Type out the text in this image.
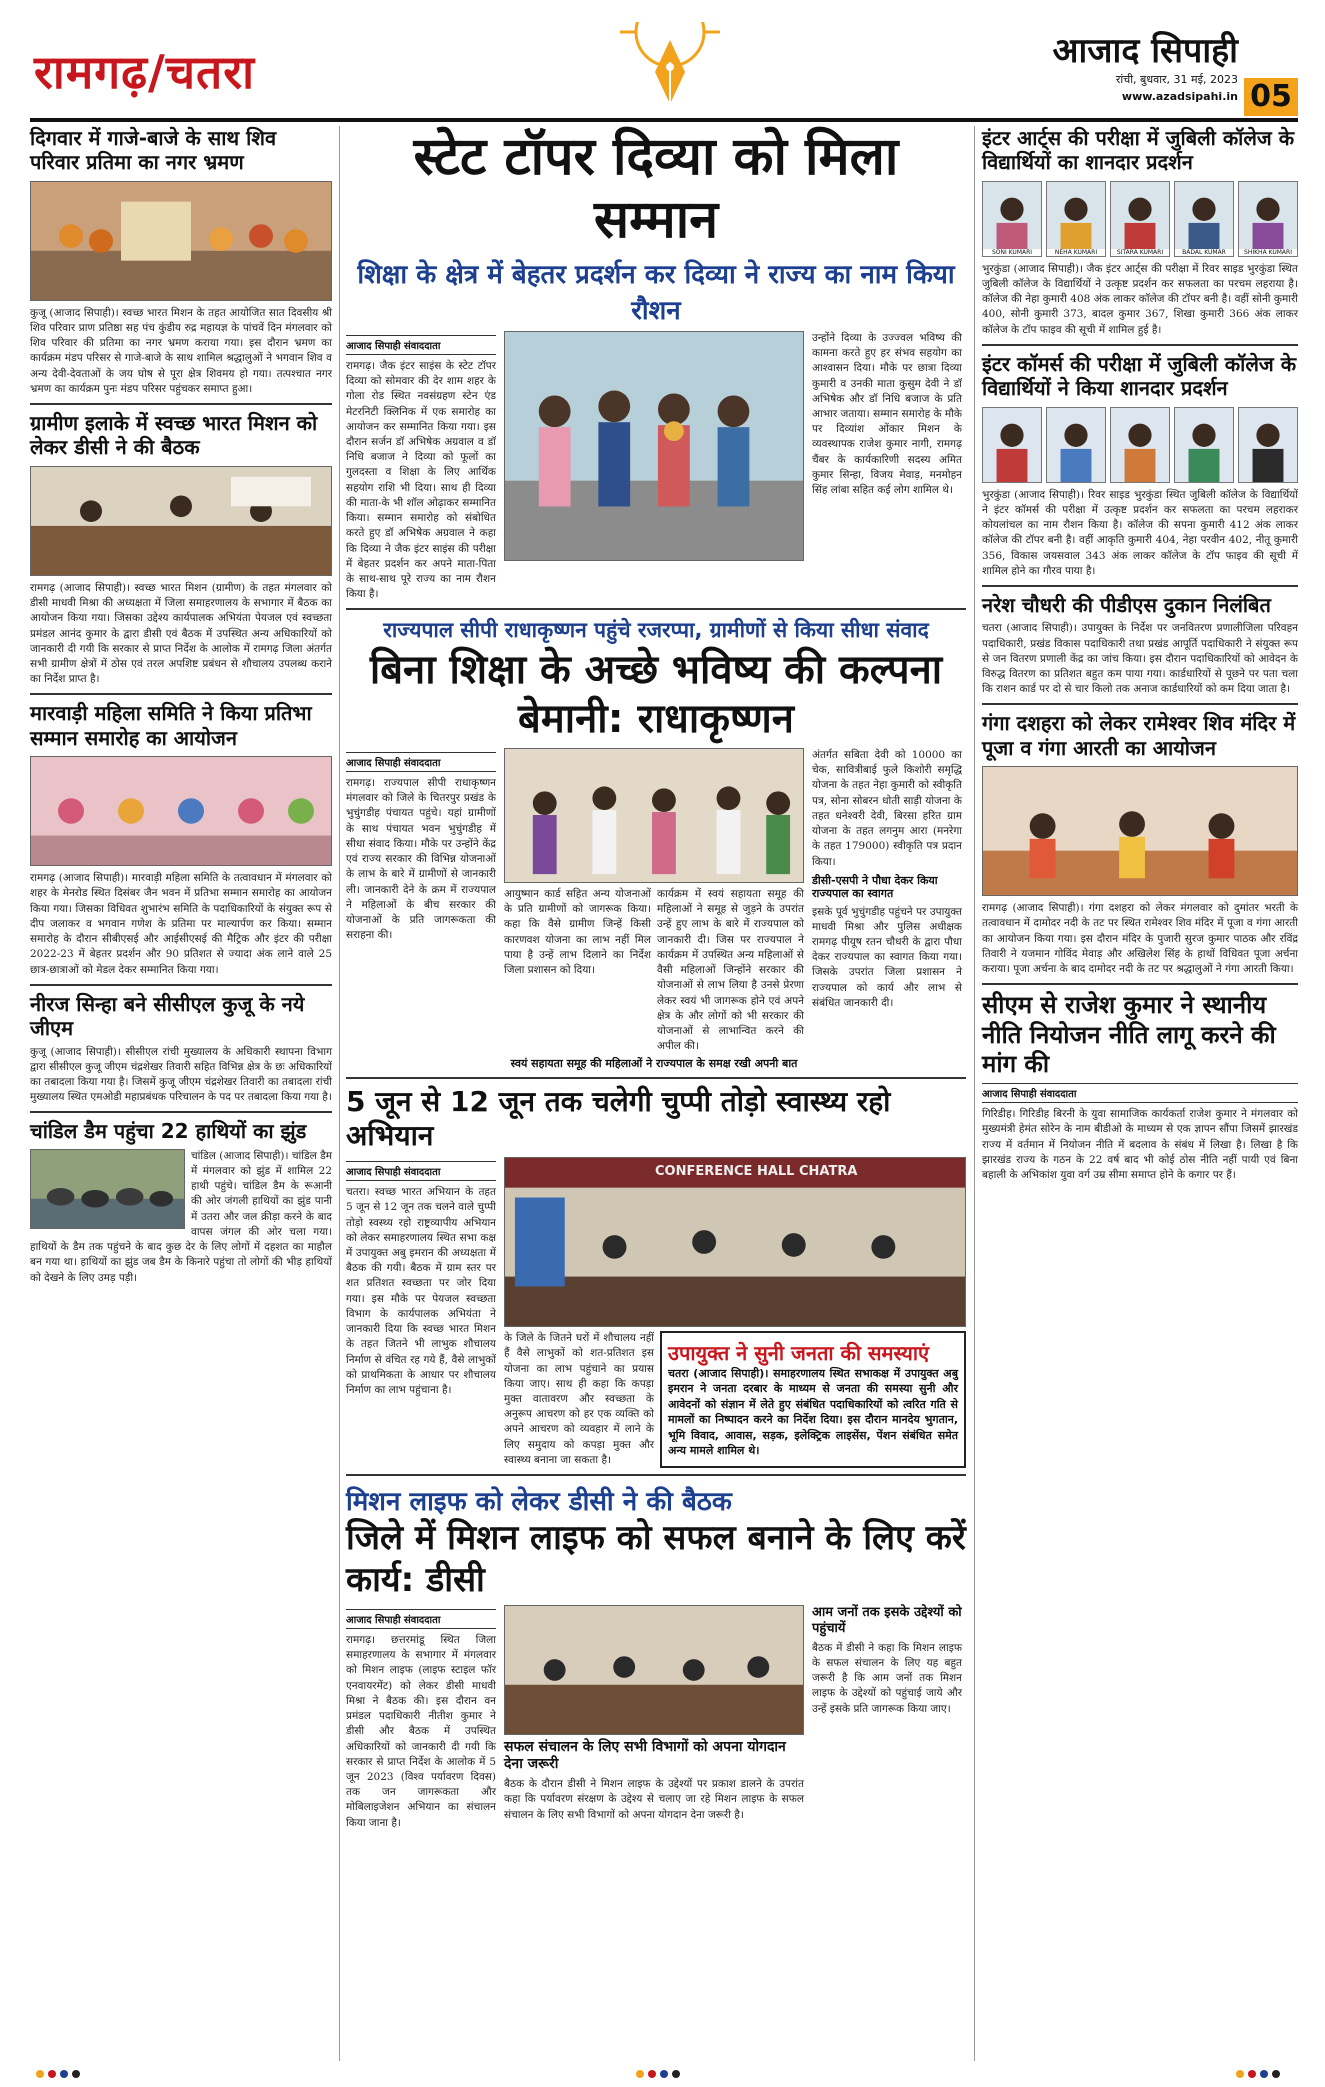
रामगढ़/चतरा	आजाद सिपाही
रांची, बुधवार, 31 मई, 2023
www.azadsipahi.in 05
दिगवार में गाजे-बाजे के साथ शिव परिवार प्रतिमा का नगर भ्रमण
कुजू (आजाद सिपाही)। स्वच्छ भारत मिशन के तहत आयोजित सात दिवसीय श्री शिव परिवार प्राण प्रतिष्ठा सह पंच कुंडीय रुद्र महायज्ञ के पांचवें दिन मंगलवार को शिव परिवार की प्रतिमा का नगर भ्रमण कराया गया। इस दौरान भ्रमण का कार्यक्रम मंडप परिसर से गाजे-बाजे के साथ शामिल श्रद्धालुओं ने भगवान शिव व अन्य देवी-देवताओं के जय घोष से पूरा क्षेत्र शिवमय हो गया। तत्पश्चात नगर भ्रमण का कार्यक्रम पुनः मंडप परिसर पहुंचकर समाप्त हुआ।
ग्रामीण इलाके में स्वच्छ भारत मिशन को लेकर डीसी ने की बैठक
रामगढ़ (आजाद सिपाही)। स्वच्छ भारत मिशन (ग्रामीण) के तहत मंगलवार को डीसी माधवी मिश्रा की अध्यक्षता में जिला समाहरणालय के सभागार में बैठक का आयोजन किया गया। जिसका उद्देश्य कार्यपालक अभियंता पेयजल एवं स्वच्छता प्रमंडल आनंद कुमार के द्वारा डीसी एवं बैठक में उपस्थित अन्य अधिकारियों को जानकारी दी गयी कि सरकार से प्राप्त निर्देश के आलोक में रामगढ़ जिला अंतर्गत सभी ग्रामीण क्षेत्रों में ठोस एवं तरल अपशिष्ट प्रबंधन से शौचालय उपलब्ध कराने का निर्देश प्राप्त है।
मारवाड़ी महिला समिति ने किया प्रतिभा सम्मान समारोह का आयोजन
रामगढ़ (आजाद सिपाही)। मारवाड़ी महिला समिति के तत्वावधान में मंगलवार को शहर के मेनरोड स्थित दिसंबर जैन भवन में प्रतिभा सम्मान समारोह का आयोजन किया गया। जिसका विधिवत शुभारंभ समिति के पदाधिकारियों के संयुक्त रूप से दीप जलाकर व भगवान गणेश के प्रतिमा पर माल्यार्पण कर किया। सम्मान समारोह के दौरान सीबीएसई और आईसीएसई की मैट्रिक और इंटर की परीक्षा 2022-23 में बेहतर प्रदर्शन और 90 प्रतिशत से ज्यादा अंक लाने वाले 25 छात्र-छात्राओं को मेडल देकर सम्मानित किया गया।
नीरज सिन्हा बने सीसीएल कुजू के नये जीएम
कुजू (आजाद सिपाही)। सीसीएल रांची मुख्यालय के अधिकारी स्थापना विभाग द्वारा सीसीएल कुजू जीएम चंद्रशेखर तिवारी सहित विभिन्न क्षेत्र के छः अधिकारियों का तबादला किया गया है। जिसमें कुजू जीएम चंद्रशेखर तिवारी का तबादला रांची मुख्यालय स्थित एमओडी महाप्रबंधक परिचालन के पद पर तबादला किया गया है।
चांडिल डैम पहुंचा 22 हाथियों का झुंड
चांडिल (आजाद सिपाही)। चांडिल डैम में मंगलवार को झुंड में शामिल 22 हाथी पहुंचे। चांडिल डैम के रूआनी की ओर जंगली हाथियों का झुंड पानी में उतरा और जल क्रीड़ा करने के बाद वापस जंगल की ओर चला गया। हाथियों के डैम तक पहुंचने के बाद कुछ देर के लिए लोगों में दहशत का माहौल बन गया था। हाथियों का झुंड जब डैम के किनारे पहुंचा तो लोगों की भीड़ हाथियों को देखने के लिए उमड़ पड़ी।
स्टेट टॉपर दिव्या को मिला सम्मान
शिक्षा के क्षेत्र में बेहतर प्रदर्शन कर दिव्या ने राज्य का नाम किया रौशन
आजाद सिपाही संवाददाता
रामगढ़। जैक इंटर साइंस के स्टेट टॉपर दिव्या को सोमवार की देर शाम शहर के गोला रोड स्थित नवसंग्रहण स्टेन एंड मेटरनिटी क्लिनिक में एक समारोह का आयोजन कर सम्मानित किया गया। इस दौरान सर्जन डॉ अभिषेक अग्रवाल व डॉ निधि बजाज ने दिव्या को फूलों का गुलदस्ता व शिक्षा के लिए आर्थिक सहयोग राशि भी दिया। साथ ही दिव्या की माता-के भी शॉल ओढ़ाकर सम्मानित किया। सम्मान समारोह को संबोधित करते हुए डॉ अभिषेक अग्रवाल ने कहा कि दिव्या ने जैक इंटर साइंस की परीक्षा में बेहतर प्रदर्शन कर अपने माता-पिता के साथ-साथ पूरे राज्य का नाम रौशन किया है।
उन्होंने दिव्या के उज्ज्वल भविष्य की कामना करते हुए हर संभव सहयोग का आश्वासन दिया। मौके पर छात्रा दिव्या कुमारी व उनकी माता कुसुम देवी ने डॉ अभिषेक और डॉ निधि बजाज के प्रति आभार जताया। सम्मान समारोह के मौके पर दिव्यांश ओंकार मिशन के व्यवस्थापक राजेश कुमार नागी, रामगढ़ चैंबर के कार्यकारिणी सदस्य अमित कुमार सिन्हा, विजय मेवाड़, मनमोहन सिंह लांबा सहित कई लोग शामिल थे।
राज्यपाल सीपी राधाकृष्णन पहुंचे रजरप्पा, ग्रामीणों से किया सीधा संवाद
बिना शिक्षा के अच्छे भविष्य की कल्पना बेमानी: राधाकृष्णन
आजाद सिपाही संवाददाता
रामगढ़। राज्यपाल सीपी राधाकृष्णन मंगलवार को जिले के चितरपुर प्रखंड के भुचुंगडीह पंचायत पहुंचे। यहां ग्रामीणों के साथ पंचायत भवन भुचुंगडीह में सीधा संवाद किया। मौके पर उन्होंने केंद्र एवं राज्य सरकार की विभिन्न योजनाओं के लाभ के बारे में ग्रामीणों से जानकारी ली। जानकारी देने के क्रम में राज्यपाल ने महिलाओं के बीच सरकार की योजनाओं के प्रति जागरूकता की सराहना की।
आयुष्मान कार्ड सहित अन्य योजनाओं के प्रति ग्रामीणों को जागरूक किया। कहा कि वैसे ग्रामीण जिन्हें किसी कारणवश योजना का लाभ नहीं मिल पाया है उन्हें लाभ दिलाने का निर्देश जिला प्रशासन को दिया।
कार्यक्रम में स्वयं सहायता समूह की महिलाओं ने समूह से जुड़ने के उपरांत उन्हें हुए लाभ के बारे में राज्यपाल को जानकारी दी। जिस पर राज्यपाल ने कार्यक्रम में उपस्थित अन्य महिलाओं से वैसी महिलाओं जिन्होंने सरकार की योजनाओं से लाभ लिया है उनसे प्रेरणा लेकर स्वयं भी जागरूक होने एवं अपने क्षेत्र के और लोगों को भी सरकार की योजनाओं से लाभान्वित करने की अपील की।
स्वयं सहायता समूह की महिलाओं ने राज्यपाल के समक्ष रखी अपनी बात
अंतर्गत सबिता देवी को 10000 का चेक, सावित्रीबाई फुले किशोरी समृद्धि योजना के तहत नेहा कुमारी को स्वीकृति पत्र, सोना सोबरन धोती साड़ी योजना के तहत धनेश्वरी देवी, बिरसा हरित ग्राम योजना के तहत लगनुम आरा (मनरेगा के तहत 179000) स्वीकृति पत्र प्रदान किया।
डीसी-एसपी ने पौधा देकर किया राज्यपाल का स्वागत
इसके पूर्व भुचुंगडीह पहुंचने पर उपायुक्त माधवी मिश्रा और पुलिस अधीक्षक रामगढ़ पीयूष रतन चौधरी के द्वारा पौधा देकर राज्यपाल का स्वागत किया गया। जिसके उपरांत जिला प्रशासन ने राज्यपाल को कार्य और लाभ से संबंधित जानकारी दी।
5 जून से 12 जून तक चलेगी चुप्पी तोड़ो स्वास्थ्य रहो अभियान
आजाद सिपाही संवाददाता
चतरा। स्वच्छ भारत अभियान के तहत 5 जून से 12 जून तक चलने वाले चुप्पी तोड़ो स्वस्थ्य रहो राष्ट्रव्यापीय अभियान को लेकर समाहरणालय स्थित सभा कक्ष में उपायुक्त अबु इमरान की अध्यक्षता में बैठक की गयी। बैठक में ग्राम स्तर पर शत प्रतिशत स्वच्छता पर जोर दिया गया। इस मौके पर पेयजल स्वच्छता विभाग के कार्यपालक अभियंता ने जानकारी दिया कि स्वच्छ भारत मिशन के तहत जितने भी लाभुक शौचालय निर्माण से वंचित रह गये हैं, वैसे लाभुकों को प्राथमिकता के आधार पर शौचालय निर्माण का लाभ पहुंचाना है।
CONFERENCE HALL CHATRA
के जिले के जितने घरों में शौचालय नहीं हैं वैसे लाभुकों को शत-प्रतिशत इस योजना का लाभ पहुंचाने का प्रयास किया जाए। साथ ही कहा कि कपड़ा मुक्त वातावरण और स्वच्छता के अनुरूप आचरण को हर एक व्यक्ति को अपने आचरण को व्यवहार में लाने के लिए समुदाय को कपड़ा मुक्त और स्वास्थ्य बनाना जा सकता है।
उपायुक्त ने सुनी जनता की समस्याएं
चतरा (आजाद सिपाही)। समाहरणालय स्थित सभाकक्ष में उपायुक्त अबु इमरान ने जनता दरबार के माध्यम से जनता की समस्या सुनी और आवेदनों को संज्ञान में लेते हुए संबंधित पदाधिकारियों को त्वरित गति से मामलों का निष्पादन करने का निर्देश दिया। इस दौरान मानदेय भुगतान, भूमि विवाद, आवास, सड़क, इलेक्ट्रिक लाइसेंस, पेंशन संबंधित समेत अन्य मामले शामिल थे।
मिशन लाइफ को लेकर डीसी ने की बैठक
जिले में मिशन लाइफ को सफल बनाने के लिए करें कार्य: डीसी
आजाद सिपाही संवाददाता
रामगढ़। छत्तरमांडू स्थित जिला समाहरणालय के सभागार में मंगलवार को मिशन लाइफ (लाइफ स्टाइल फॉर एनवायरमेंट) को लेकर डीसी माधवी मिश्रा ने बैठक की। इस दौरान वन प्रमंडल पदाधिकारी नीतीश कुमार ने डीसी और बैठक में उपस्थित अधिकारियों को जानकारी दी गयी कि सरकार से प्राप्त निर्देश के आलोक में 5 जून 2023 (विश्व पर्यावरण दिवस) तक जन जागरूकता और मोबिलाइजेशन अभियान का संचालन किया जाना है।
सफल संचालन के लिए सभी विभागों को अपना योगदान देना जरूरी
बैठक के दौरान डीसी ने मिशन लाइफ के उद्देश्यों पर प्रकाश डालने के उपरांत कहा कि पर्यावरण संरक्षण के उद्देश्य से चलाए जा रहे मिशन लाइफ के सफल संचालन के लिए सभी विभागों को अपना योगदान देना जरूरी है।
आम जनों तक इसके उद्देश्यों को पहुंचायें
बैठक में डीसी ने कहा कि मिशन लाइफ के सफल संचालन के लिए यह बहुत जरूरी है कि आम जनों तक मिशन लाइफ के उद्देश्यों को पहुंचाई जाये और उन्हें इसके प्रति जागरूक किया जाए।
इंटर आर्ट्स की परीक्षा में जुबिली कॉलेज के विद्यार्थियों का शानदार प्रदर्शन
SONI KUMARI	NEHA KUMARI	SITARA KUMARI	BADAL KUMAR	SHIKHA KUMARI
भुरकुंडा (आजाद सिपाही)। जैक इंटर आर्ट्स की परीक्षा में रिवर साइड भुरकुंडा स्थित जुबिली कॉलेज के विद्यार्थियों ने उत्कृष्ट प्रदर्शन कर सफलता का परचम लहराया है। कॉलेज की नेहा कुमारी 408 अंक लाकर कॉलेज की टॉपर बनी है। वहीं सोनी कुमारी 400, सोनी कुमारी 373, बादल कुमार 367, शिखा कुमारी 366 अंक लाकर कॉलेज के टॉप फाइव की सूची में शामिल हुई है।
इंटर कॉमर्स की परीक्षा में जुबिली कॉलेज के विद्यार्थियों ने किया शानदार प्रदर्शन
भुरकुंडा (आजाद सिपाही)। रिवर साइड भुरकुंडा स्थित जुबिली कॉलेज के विद्यार्थियों ने इंटर कॉमर्स की परीक्षा में उत्कृष्ट प्रदर्शन कर सफलता का परचम लहराकर कोयलांचल का नाम रौशन किया है। कॉलेज की सपना कुमारी 412 अंक लाकर कॉलेज की टॉपर बनी है। वहीं आकृति कुमारी 404, नेहा परवीन 402, नीतू कुमारी 356, विकास जयसवाल 343 अंक लाकर कॉलेज के टॉप फाइव की सूची में शामिल होने का गौरव पाया है।
नरेश चौधरी की पीडीएस दुकान निलंबित
चतरा (आजाद सिपाही)। उपायुक्त के निर्देश पर जनवितरण प्रणालीजिला परिवहन पदाधिकारी, प्रखंड विकास पदाधिकारी तथा प्रखंड आपूर्ति पदाधिकारी ने संयुक्त रूप से जन वितरण प्रणाली केंद्र का जांच किया। इस दौरान पदाधिकारियों को आवेदन के विरुद्ध वितरण का प्रतिशत बहुत कम पाया गया। कार्डधारियों से पूछने पर पता चला कि राशन कार्ड पर दो से चार किलो तक अनाज कार्डधारियों को कम दिया जाता है।
गंगा दशहरा को लेकर रामेश्वर शिव मंदिर में पूजा व गंगा आरती का आयोजन
रामगढ़ (आजाद सिपाही)। गंगा दशहरा को लेकर मंगलवार को दुमांतर भरती के तत्वावधान में दामोदर नदी के तट पर स्थित रामेश्वर शिव मंदिर में पूजा व गंगा आरती का आयोजन किया गया। इस दौरान मंदिर के पुजारी सुरज कुमार पाठक और रविंद्र तिवारी ने यजमान गोविंद मेवाड़ और अखिलेश सिंह के हाथों विधिवत पूजा अर्चना कराया। पूजा अर्चना के बाद दामोदर नदी के तट पर श्रद्धालुओं ने गंगा आरती किया।
सीएम से राजेश कुमार ने स्थानीय नीति नियोजन नीति लागू करने की मांग की
आजाद सिपाही संवाददाता
गिरिडीह। गिरिडीह बिरनी के युवा सामाजिक कार्यकर्ता राजेश कुमार ने मंगलवार को मुख्यमंत्री हेमंत सोरेन के नाम बीडीओ के माध्यम से एक ज्ञापन सौंपा जिसमें झारखंड राज्य में वर्तमान में नियोजन नीति में बदलाव के संबंध में लिखा है। लिखा है कि झारखंड राज्य के गठन के 22 वर्ष बाद भी कोई ठोस नीति नहीं पायी एवं बिना बहाली के अभिकांश युवा वर्ग उम्र सीमा समाप्त होने के कगार पर हैं।
